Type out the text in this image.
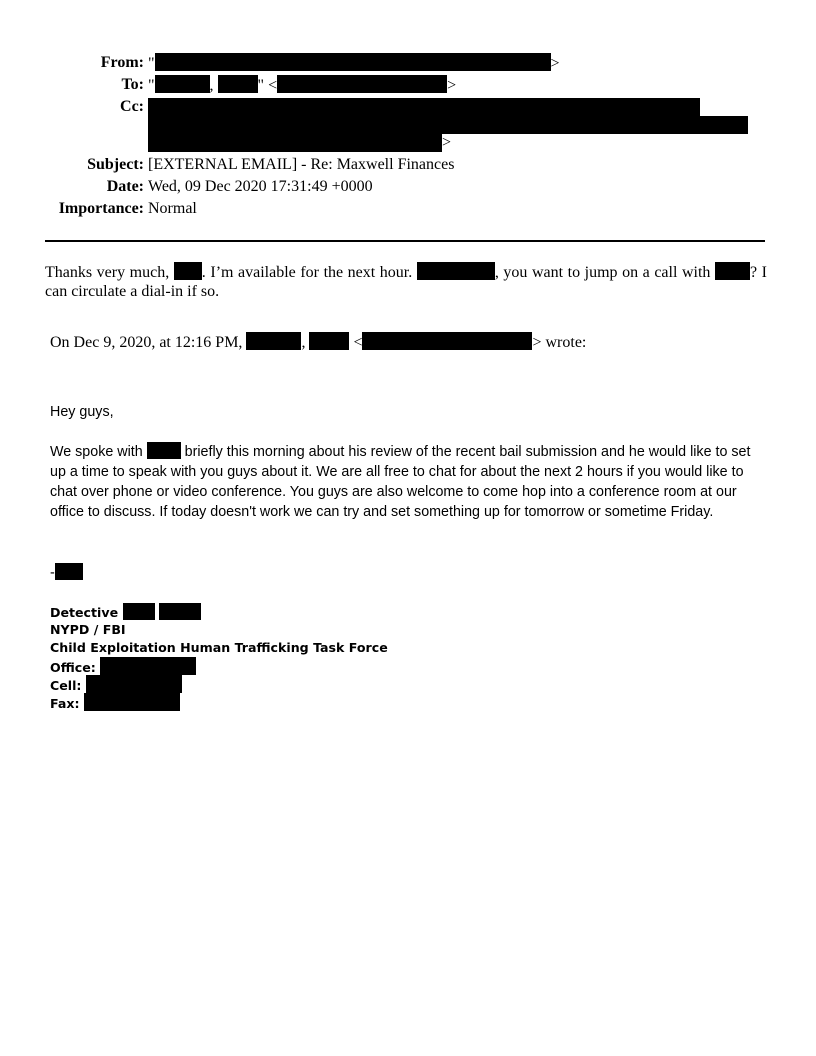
From: "	>
To: "	,	" <	>
Cc:
>
Subject: [EXTERNAL EMAIL] - Re: Maxwell Finances
Date: Wed, 09 Dec 2020 17:31:49 +0000
Importance: Normal
Thanks very much, . I’m available for the next hour.	, you want to jump on a call with ? I
can circulate a dial-in if so.
On Dec 9, 2020, at 12:16 PM,	,	<	> wrote:
Hey guys,
We spoke with  briefly this morning about his review of the recent bail submission and he would like to set up a time to speak with you guys about it. We are all free to chat for about the next 2 hours if you would like to chat over phone or video conference. You guys are also welcome to come hop into a conference room at our office to discuss. If today doesn't work we can try and set something up for tomorrow or sometime Friday.
-
Detective
NYPD / FBI
Child Exploitation Human Trafficking Task Force
Office:
Cell:
Fax:
